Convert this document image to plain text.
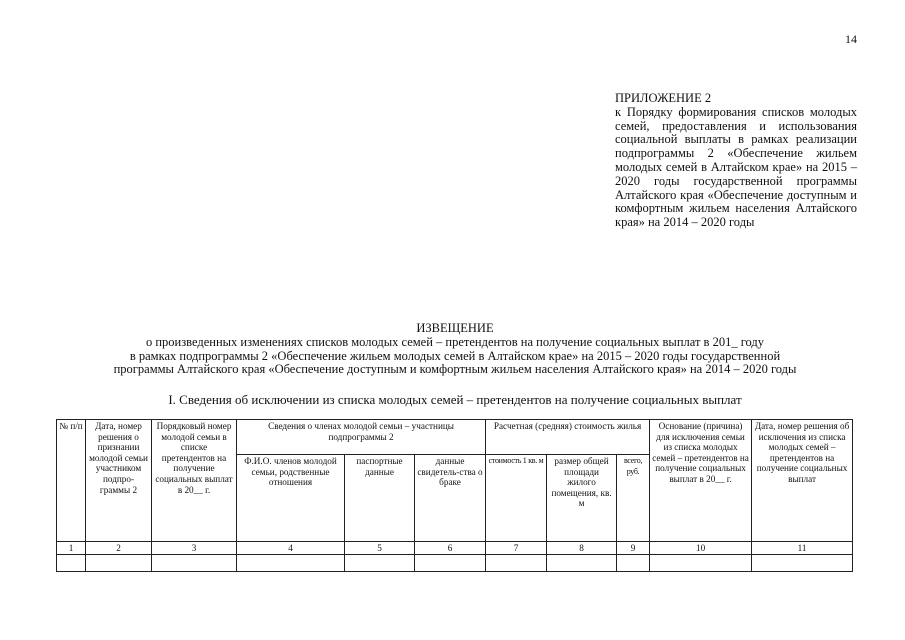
14
ПРИЛОЖЕНИЕ 2
к Порядку формирования списков молодых семей, предоставления и использования социальной выплаты в рамках реализации подпрограммы 2 «Обеспечение жильем молодых семей в Алтайском крае» на 2015 – 2020 годы государственной программы Алтайского края «Обеспечение доступным и комфортным жильем населения Алтайского края» на 2014 – 2020 годы
ИЗВЕЩЕНИЕ
о произведенных изменениях списков молодых семей – претендентов на получение социальных выплат в 201_ году
в рамках подпрограммы 2 «Обеспечение жильем молодых семей в Алтайском крае» на 2015 – 2020 годы государственной
программы Алтайского края «Обеспечение доступным и комфортным жильем населения Алтайского края» на 2014 – 2020 годы
I. Сведения об исключении из списка молодых семей – претендентов на получение социальных выплат
№ п/п	Дата, номер решения о признании молодой семьи участником подпро-граммы 2	Порядковый номер молодой семьи в списке претендентов на получение социальных выплат в 20__ г.	Сведения о членах молодой семьи – участницы подпрограммы 2			Расчетная (средняя) стоимость жилья			Основание (причина) для исключения семьи из списка молодых семей – претендентов на получение социальных выплат в 20__ г.	Дата, номер решения об исключения из списка молодых семей – претендентов на получение социальных выплат
			Ф.И.О. членов молодой семьи, родственные отношения	паспортные данные	данные свидетель-ства о браке	стоимость 1 кв. м	размер общей площади жилого помещения, кв. м	всего, руб.		
1	2	3	4	5	6	7	8	9	10	11
